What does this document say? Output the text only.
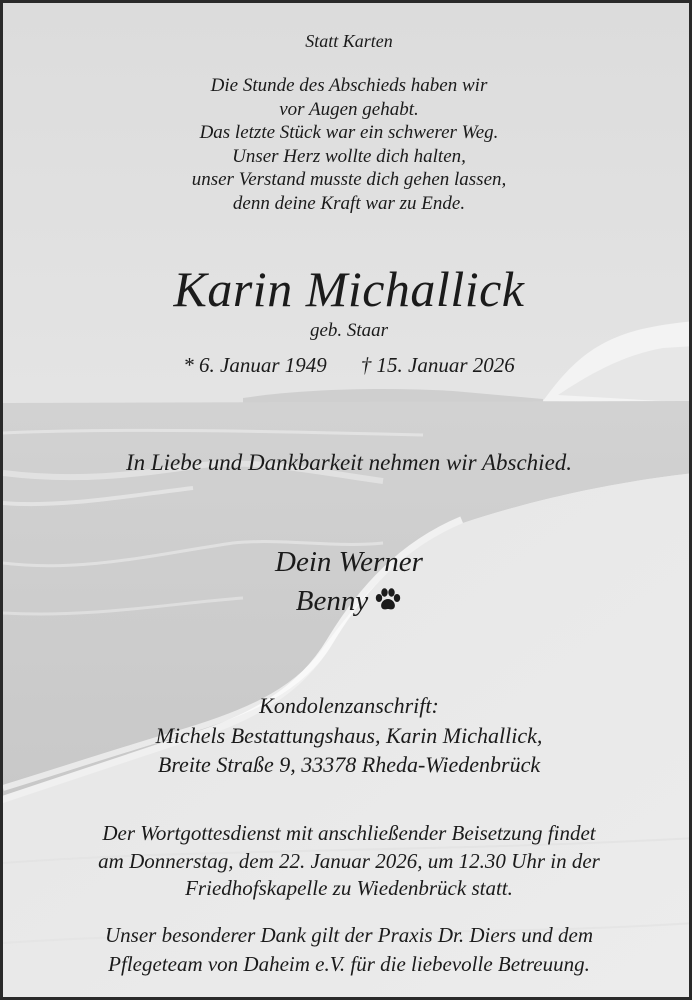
Statt Karten
Die Stunde des Abschieds haben wir
vor Augen gehabt.
Das letzte Stück war ein schwerer Weg.
Unser Herz wollte dich halten,
unser Verstand musste dich gehen lassen,
denn deine Kraft war zu Ende.
Karin Michallick
geb. Staar
* 6. Januar 1949 † 15. Januar 2026
In Liebe und Dankbarkeit nehmen wir Abschied.
Dein Werner
Benny
Kondolenzanschrift:
Michels Bestattungshaus, Karin Michallick,
Breite Straße 9, 33378 Rheda-Wiedenbrück
Der Wortgottesdienst mit anschließender Beisetzung findet
am Donnerstag, dem 22. Januar 2026, um 12.30 Uhr in der
Friedhofskapelle zu Wiedenbrück statt.
Unser besonderer Dank gilt der Praxis Dr. Diers und dem
Pflegeteam von Daheim e.V. für die liebevolle Betreuung.
